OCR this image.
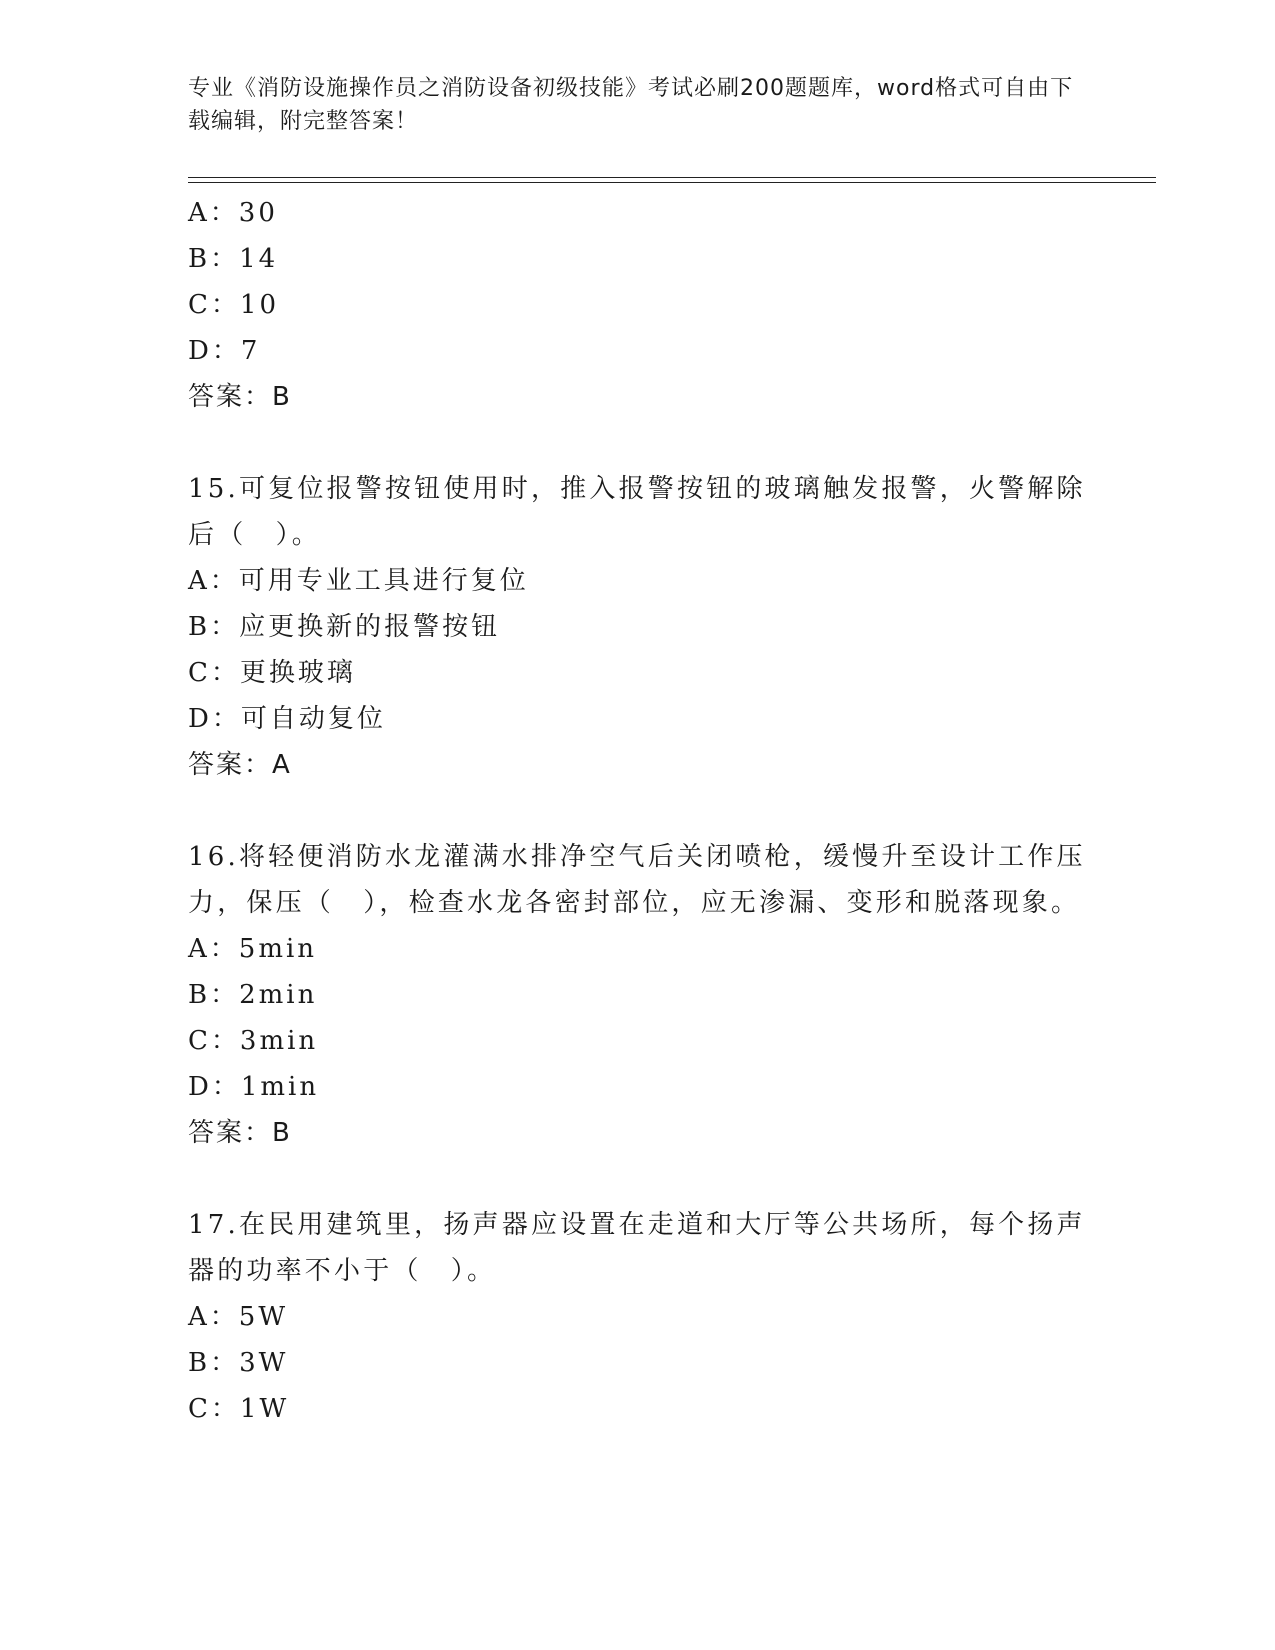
专业《消防设施操作员之消防设备初级技能》考试必刷200题题库，word格式可自由下载编辑，附完整答案！
A：30
B：14
C：10
D：7
答案：B
15.可复位报警按钮使用时，推入报警按钮的玻璃触发报警，火警解除后（　）。
A：可用专业工具进行复位
B：应更换新的报警按钮
C：更换玻璃
D：可自动复位
答案：A
16.将轻便消防水龙灌满水排净空气后关闭喷枪，缓慢升至设计工作压力，保压（　），检查水龙各密封部位，应无渗漏、变形和脱落现象。
A：5min
B：2min
C：3min
D：1min
答案：B
17.在民用建筑里，扬声器应设置在走道和大厅等公共场所，每个扬声器的功率不小于（　）。
A：5W
B：3W
C：1W
